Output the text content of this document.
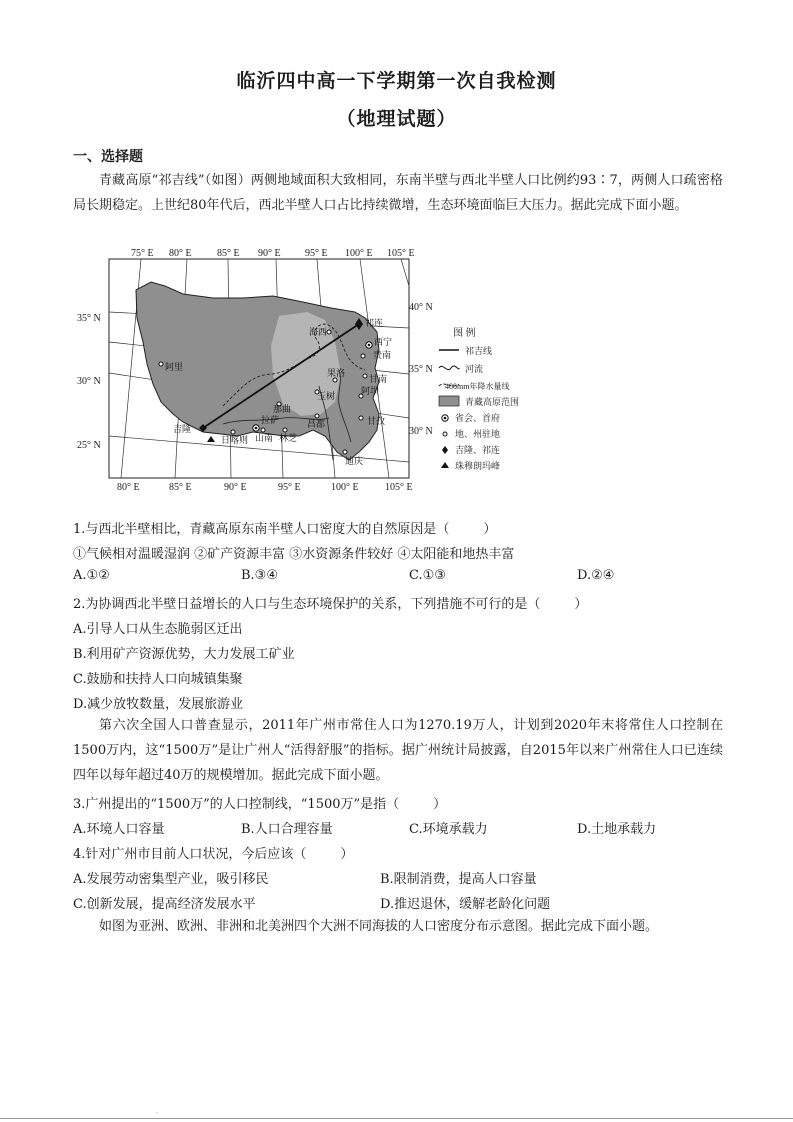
临沂四中高一下学期第一次自我检测
（地理试题）
一、选择题
青藏高原“祁吉线”（如图）两侧地域面积大致相同，东南半壁与西北半壁人口比例约93∶7，两侧人口疏密格局长期稳定。上世纪80年代后，西北半壁人口占比持续微增，生态环境面临巨大压力。据此完成下面小题。
75° E 80° E	85° E 90° E 95° E 100° E 105° E
80° E	85° E	90° E	95° E	100° E	105° E
35° N
30° N
25° N
40° N
35° N
30° N
祁连
西宁
海西
贵南
阿里
果洛
甘南
玉树	阿坝
那曲
拉萨	昌都	甘孜
吉隆
日喀则 山南 林芝
迪庆
图 例
祁吉线
河流
400mm年降水量线
青藏高原范围
省会、首府
地、州驻地
吉隆、祁连
珠穆朗玛峰
1.与西北半壁相比，青藏高原东南半壁人口密度大的自然原因是（	）
①气候相对温暖湿润 ②矿产资源丰富 ③水资源条件较好 ④太阳能和地热丰富
A.①②	B.③④	C.①③	D.②④
2.为协调西北半壁日益增长的人口与生态环境保护的关系，下列措施不可行的是（	）
A.引导人口从生态脆弱区迁出
B.利用矿产资源优势，大力发展工矿业
C.鼓励和扶持人口向城镇集聚
D.减少放牧数量，发展旅游业
第六次全国人口普查显示，2011年广州市常住人口为1270.19万人，计划到2020年末将常住人口控制在1500万内，这“1500万”是让广州人“活得舒服”的指标。据广州统计局披露，自2015年以来广州常住人口已连续四年以每年超过40万的规模增加。据此完成下面小题。
3.广州提出的“1500万”的人口控制线，“1500万”是指（	）
A.环境人口容量	B.人口合理容量	C.环境承载力	D.土地承载力
4.针对广州市目前人口状况，今后应该（	）
A.发展劳动密集型产业，吸引移民	B.限制消费，提高人口容量
C.创新发展，提高经济发展水平	D.推迟退休，缓解老龄化问题
如图为亚洲、欧洲、非洲和北美洲四个大洲不同海拔的人口密度分布示意图。据此完成下面小题。
·
